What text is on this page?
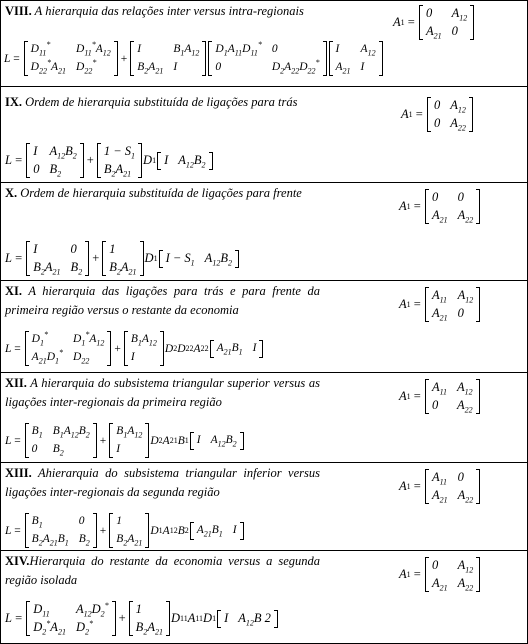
VIII. A hierarquia das relações inter versus intra-regionais
A 1 =
0	$A_{12}$
$A_{21}$ 0
L =
$D_{11}^*$	$D_{11}^*A_{12}$
$D_{22}^*A_{21}$ $D_{22}^*$	+
I	$B_1A_{12}$
$B_2A_{21}$ I
$D_1A_{11}D_{11}^*$ 0
0	$D_2A_{22}D_{22}^*$
I	$A_{12}$
$A_{21}$ I
IX. Ordem de hierarquia substituída de ligações para trás
A 1 =
0 $A_{12}$
0 $A_{22}$
L =
I $A_{12}B_2$
0 $B_2$
+
$1 - S_1$
$B_2A_{21}$
D 1 I $A_{12}B_2$
X. Ordem de hierarquia substituída de ligações para frente
A 1 =
0	0
$A_{21}$ $A_{22}$
L =
I	0
$B_2A_{21}$ $B_2$
+
1
$B_2A_{21}$
D 1 $I - S_1$ $A_{12}B_2$
XI. A hierarquia das ligações para trás e para frente da primeira região versus o restante da economia	A 1 =
$A_{11}$ $A_{12}$
$A_{21}$ 0
L =
$D_1^*$	$D_1^*A_{12}$
$A_{21}D_1^*$ $D_{22}$
+
$B_1A_{12}$
I
D 2 D 22 A 22 $A_{21}B_1$ I
XII. A hierarquia do subsistema triangular superior versus as ligações inter-regionais da primeira região	A 1 =
$A_{11}$ $A_{12}$
0	$A_{22}$
L =
$B_1$ $B_1A_{12}B_2$
0	$B_2$
+
$B_1A_{12}$
I
D 2 A 21 B 1 I $A_{12}B_2$
XIII. Ahierarquia do subsistema triangular inferior versus ligações inter-regionais da segunda região	A 1 =
$A_{11}$ 0
$A_{21}$ $A_{22}$
L =
$B_1$	0
$B_2A_{21}B_1$ $B_2$
+
1
$B_2A_{21}$
D 1 A 12 B 2 $A_{21}B_1$ I
XIV.Hierarquia do restante da economia versus a segunda região isolada	A 1 =
0	$A_{12}$
$A_{21}$ $A_{22}$
L =
$D_{11}$	$A_{12}D_2^*$
$D_2^*A_{21}$ $D_2^*$	+
1
$B_2A_{21}$
D 11 A 11 D 1 I $A_{12}B$ 2
